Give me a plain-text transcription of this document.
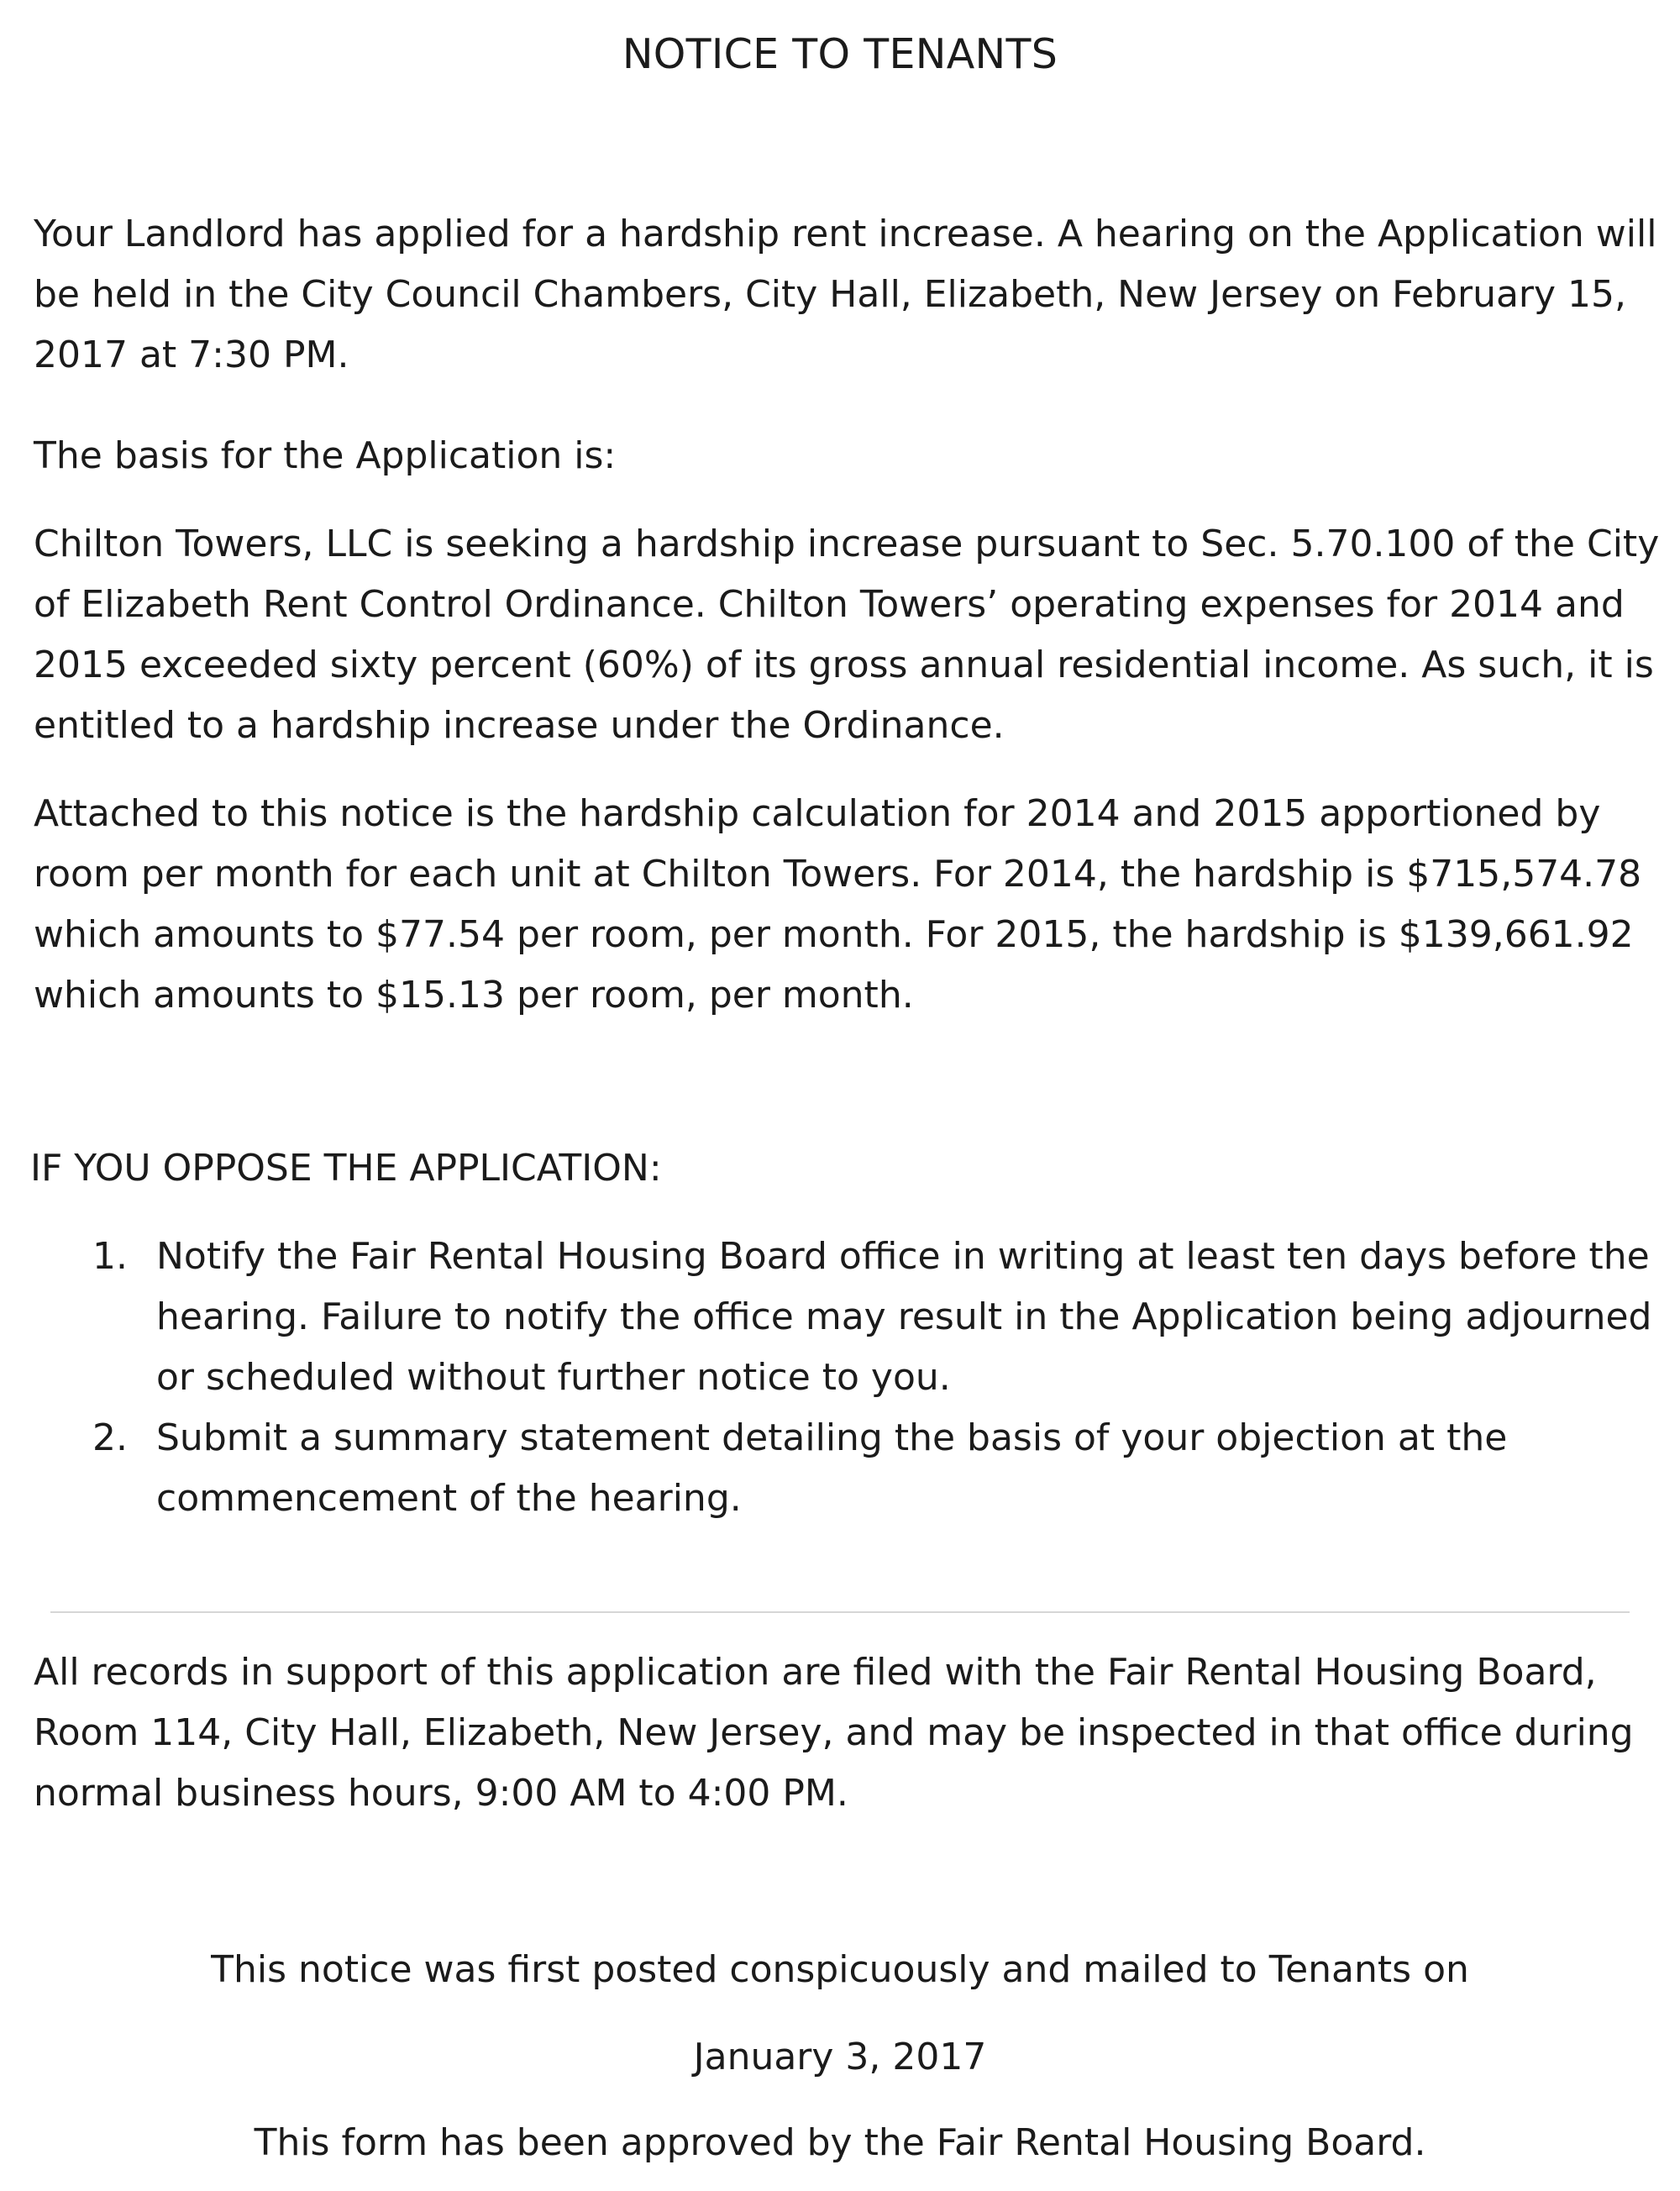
NOTICE TO TENANTS

Your Landlord has applied for a hardship rent increase. A hearing on the Application will be held in the City Council Chambers, City Hall, Elizabeth, New Jersey on February 15, 2017 at 7:30 PM.

The basis for the Application is:

Chilton Towers, LLC is seeking a hardship increase pursuant to Sec. 5.70.100 of the City of Elizabeth Rent Control Ordinance. Chilton Towers’ operating expenses for 2014 and 2015 exceeded sixty percent (60%) of its gross annual residential income. As such, it is entitled to a hardship increase under the Ordinance.

Attached to this notice is the hardship calculation for 2014 and 2015 apportioned by room per month for each unit at Chilton Towers. For 2014, the hardship is $715,574.78 which amounts to $77.54 per room, per month. For 2015, the hardship is $139,661.92 which amounts to $15.13 per room, per month.

IF YOU OPPOSE THE APPLICATION:

1. Notify the Fair Rental Housing Board office in writing at least ten days before the hearing. Failure to notify the office may result in the Application being adjourned or scheduled without further notice to you.
2. Submit a summary statement detailing the basis of your objection at the commencement of the hearing.

All records in support of this application are filed with the Fair Rental Housing Board, Room 114, City Hall, Elizabeth, New Jersey, and may be inspected in that office during normal business hours, 9:00 AM to 4:00 PM.

This notice was first posted conspicuously and mailed to Tenants on

January 3, 2017

This form has been approved by the Fair Rental Housing Board.
